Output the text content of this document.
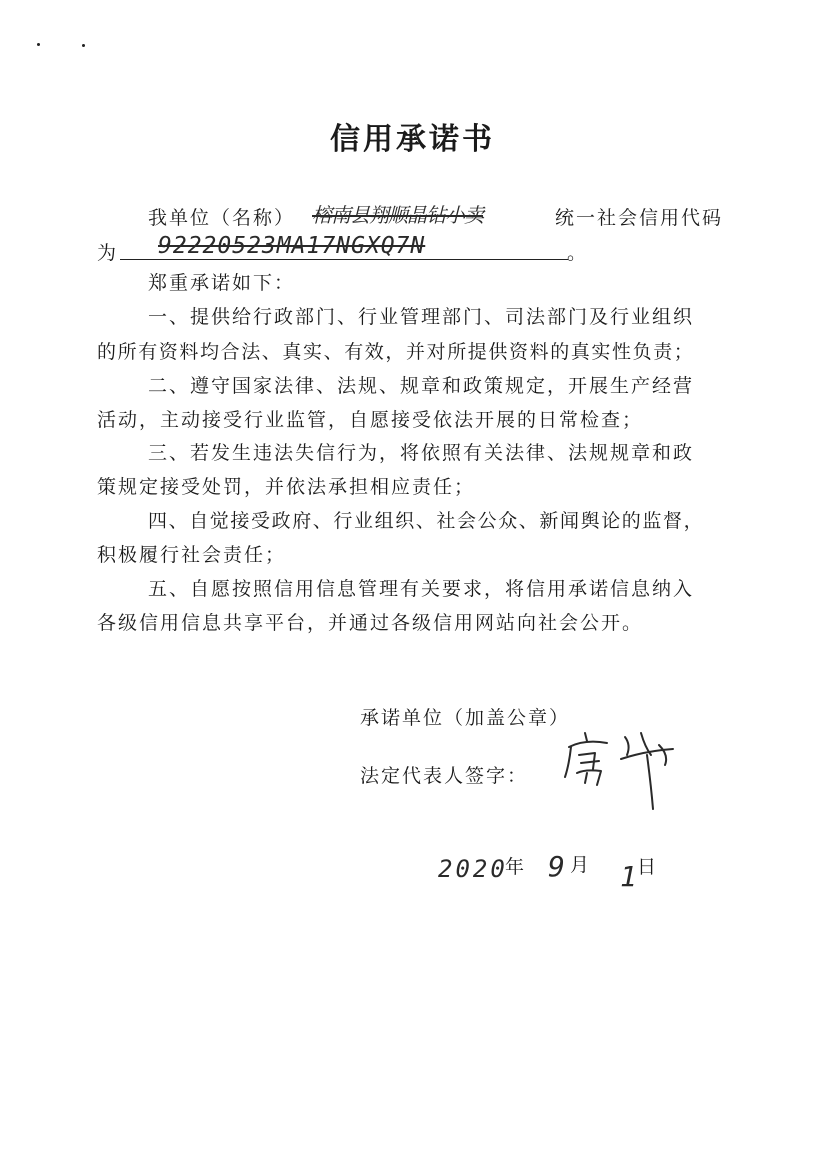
信用承诺书
我单位（名称） 榕南县翔顺晶钻小卖	统一社会信用代码
为 92220523MA17NGXQ7N	。
郑重承诺如下：
一、提供给行政部门、行业管理部门、司法部门及行业组织
的所有资料均合法、真实、有效，并对所提供资料的真实性负责；
二、遵守国家法律、法规、规章和政策规定，开展生产经营
活动，主动接受行业监管，自愿接受依法开展的日常检查；
三、若发生违法失信行为，将依照有关法律、法规规章和政
策规定接受处罚，并依法承担相应责任；
四、自觉接受政府、行业组织、社会公众、新闻舆论的监督，
积极履行社会责任；
五、自愿按照信用信息管理有关要求，将信用承诺信息纳入
各级信用信息共享平台，并通过各级信用网站向社会公开。
承诺单位（加盖公章）
法定代表人签字：
2020
年 9 月 1 日
